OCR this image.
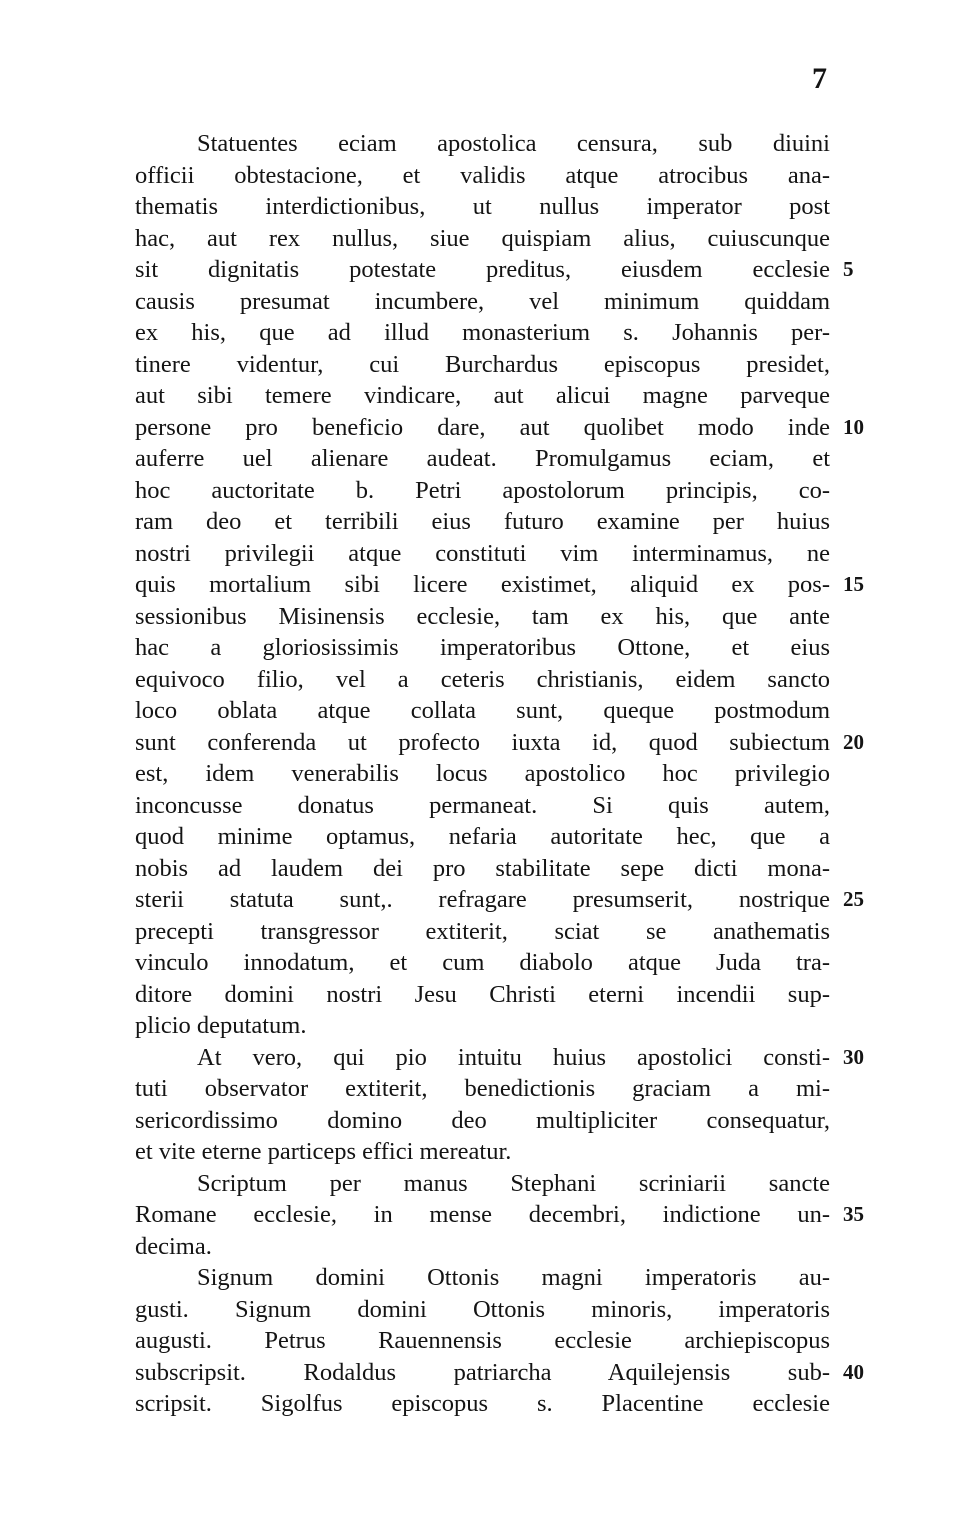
7
Statuentes eciam apostolica censura, sub diuini
officii obtestacione, et validis atque atrocibus ana-
thematis interdictionibus, ut nullus imperator post
hac, aut rex nullus, siue quispiam alius, cuiuscunque
sit dignitatis potestate preditus, eiusdem ecclesie 5
causis presumat incumbere, vel minimum quiddam
ex his, que ad illud monasterium s. Johannis per-
tinere videntur, cui Burchardus episcopus presidet,
aut sibi temere vindicare, aut alicui magne parveque
persone pro beneficio dare, aut quolibet modo inde 10
auferre uel alienare audeat. Promulgamus eciam, et
hoc auctoritate b. Petri apostolorum principis, co-
ram deo et terribili eius futuro examine per huius
nostri privilegii atque constituti vim interminamus, ne
quis mortalium sibi licere existimet, aliquid ex pos- 15
sessionibus Misinensis ecclesie, tam ex his, que ante
hac a gloriosissimis imperatoribus Ottone, et eius
equivoco filio, vel a ceteris christianis, eidem sancto
loco oblata atque collata sunt, queque postmodum
sunt conferenda ut profecto iuxta id, quod subiectum 20
est, idem venerabilis locus apostolico hoc privilegio
inconcusse donatus permaneat. Si quis autem,
quod minime optamus, nefaria autoritate hec, que a
nobis ad laudem dei pro stabilitate sepe dicti mona-
sterii statuta sunt,. refragare presumserit, nostrique 25
precepti transgressor extiterit, sciat se anathematis
vinculo innodatum, et cum diabolo atque Juda tra-
ditore domini nostri Jesu Christi eterni incendii sup-
plicio deputatum.
At vero, qui pio intuitu huius apostolici consti- 30
tuti observator extiterit, benedictionis graciam a mi-
sericordissimo domino deo multipliciter consequatur,
et vite eterne particeps effici mereatur.
Scriptum per manus Stephani scriniarii sancte
Romane ecclesie, in mense decembri, indictione un- 35
decima.
Signum domini Ottonis magni imperatoris au-
gusti. Signum domini Ottonis minoris, imperatoris
augusti. Petrus Rauennensis ecclesie archiepiscopus
subscripsit. Rodaldus patriarcha Aquilejensis sub- 40
scripsit. Sigolfus episcopus s. Placentine ecclesie
